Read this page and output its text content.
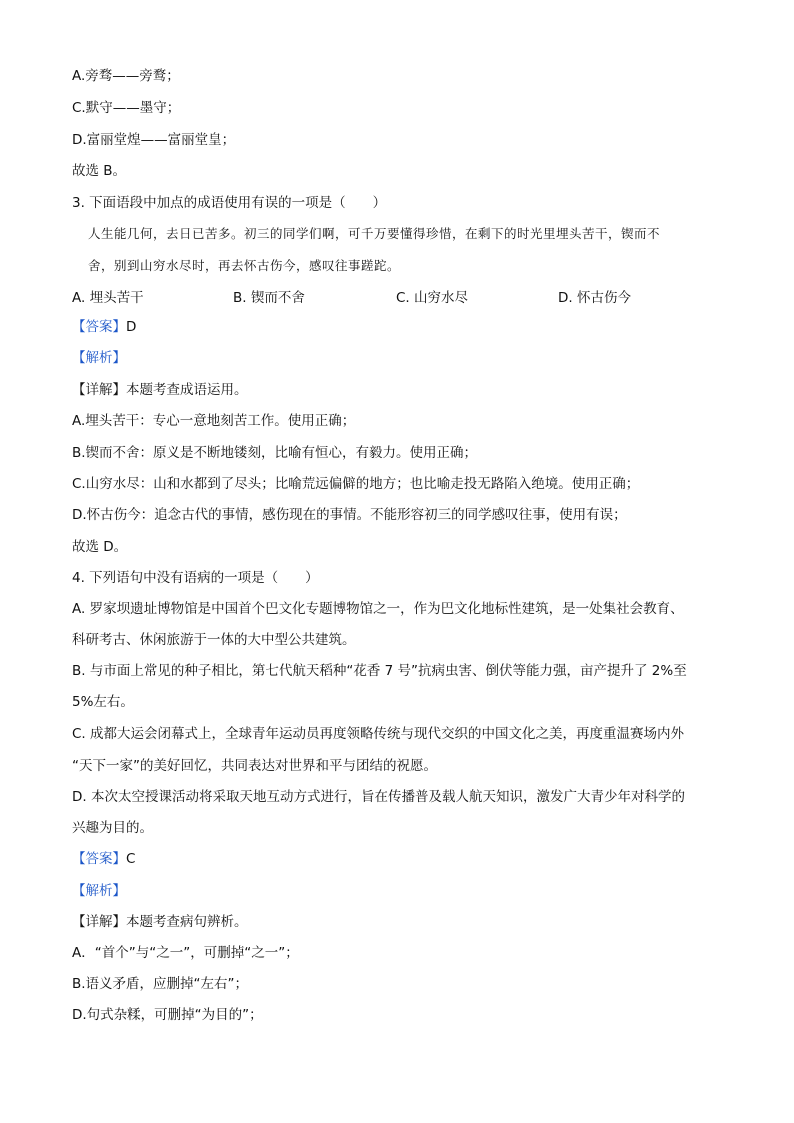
A.旁骛——旁鹜；
C.默守——墨守；
D.富丽堂煌——富丽堂皇；
故选 B。
3. 下面语段中加点的成语使用有误的一项是（　　）
人生能几何，去日已苦多。初三的同学们啊，可千万要懂得珍惜，在剩下的时光里埋头苦干，锲而不
舍，别到山穷水尽时，再去怀古伤今，感叹往事蹉跎。
A. 埋头苦干	B. 锲而不舍	C. 山穷水尽	D. 怀古伤今
【答案】D
【解析】
【详解】本题考查成语运用。
A.埋头苦干：专心一意地刻苦工作。使用正确；
B.锲而不舍：原义是不断地镂刻，比喻有恒心，有毅力。使用正确；
C.山穷水尽：山和水都到了尽头；比喻荒远偏僻的地方；也比喻走投无路陷入绝境。使用正确；
D.怀古伤今：追念古代的事情，感伤现在的事情。不能形容初三的同学感叹往事，使用有误；
故选 D。
4. 下列语句中没有语病的一项是（　　）
A. 罗家坝遗址博物馆是中国首个巴文化专题博物馆之一，作为巴文化地标性建筑，是一处集社会教育、
科研考古、休闲旅游于一体的大中型公共建筑。
B. 与市面上常见的种子相比，第七代航天稻种“花香 7 号”抗病虫害、倒伏等能力强，亩产提升了 2%至
5%左右。
C. 成都大运会闭幕式上，全球青年运动员再度领略传统与现代交织的中国文化之美，再度重温赛场内外
“天下一家”的美好回忆，共同表达对世界和平与团结的祝愿。
D. 本次太空授课活动将采取天地互动方式进行，旨在传播普及载人航天知识，激发广大青少年对科学的
兴趣为目的。
【答案】C
【解析】
【详解】本题考查病句辨析。
A．“首个”与“之一”，可删掉“之一”；
B.语义矛盾，应删掉“左右”；
D.句式杂糅，可删掉“为目的”；
